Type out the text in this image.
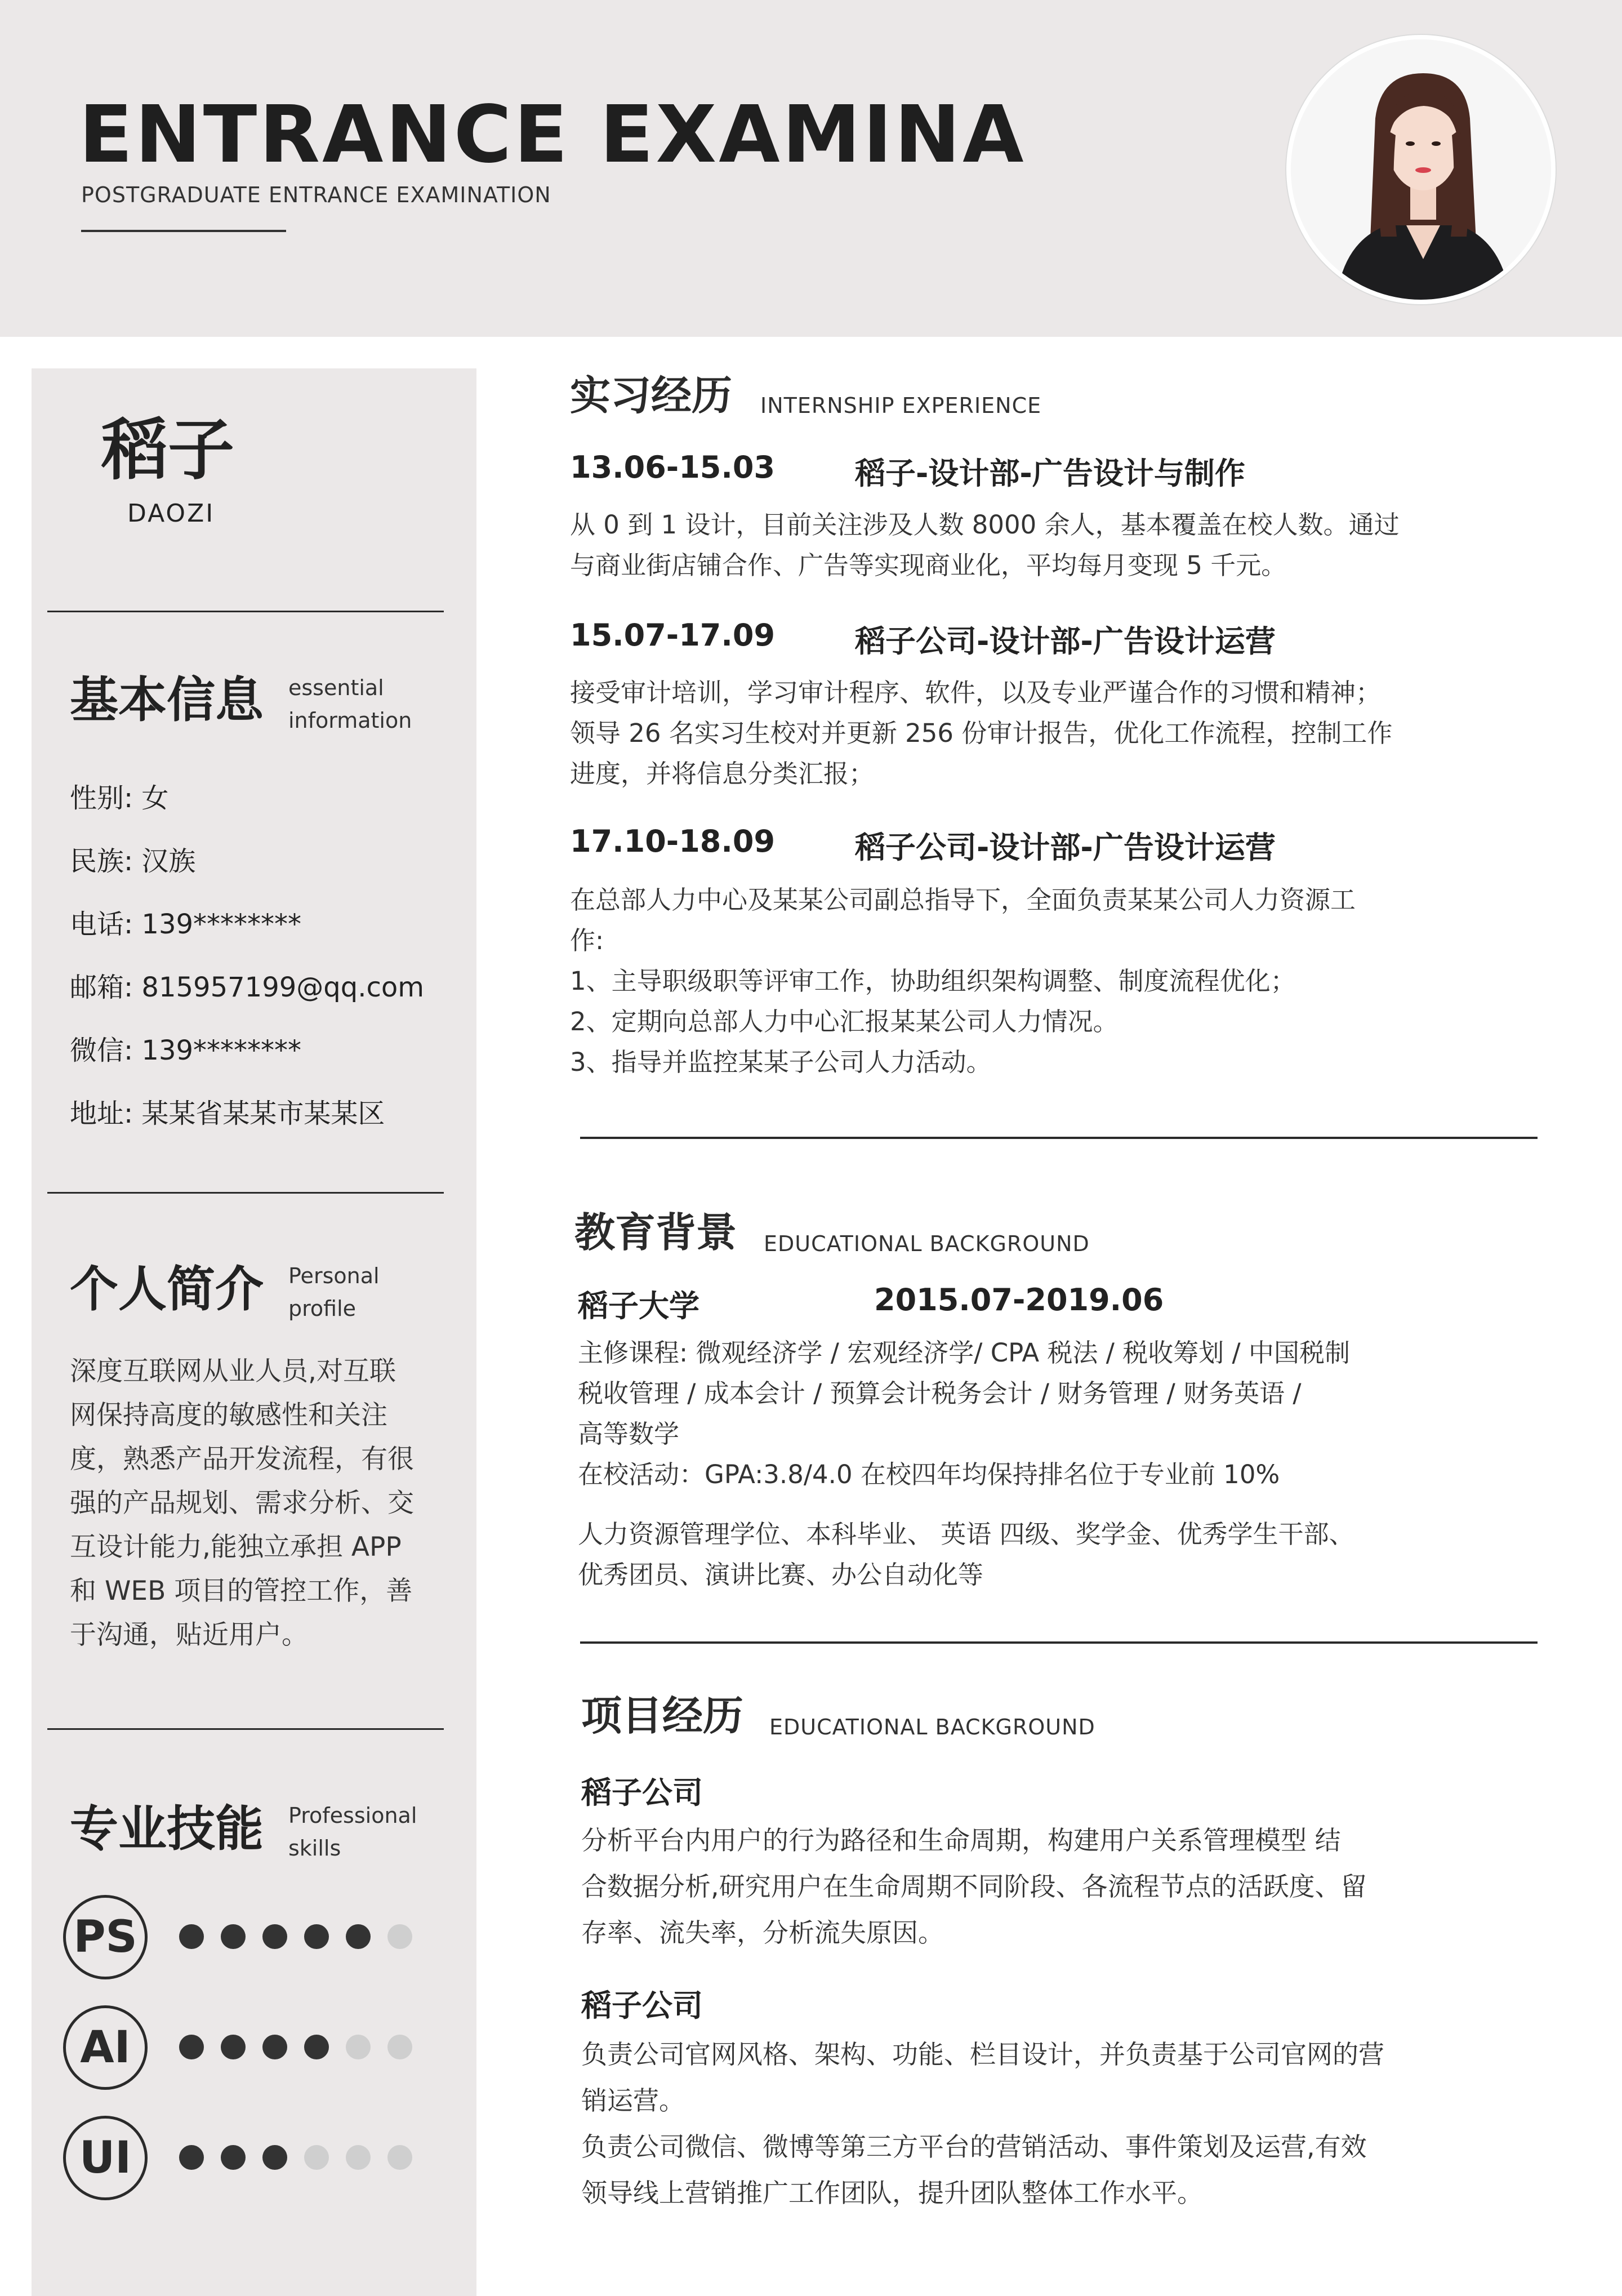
ENTRANCE EXAMINA
POSTGRADUATE ENTRANCE EXAMINATION
稻子
DAOZI
基本信息 essential
information
性别: 女
民族: 汉族
电话: 139********
邮箱: 815957199@qq.com
微信: 139********
地址: 某某省某某市某某区
个人简介 Personal
profile
深度互联网从业人员,对互联
网保持高度的敏感性和关注
度，熟悉产品开发流程，有很
强的产品规划、需求分析、交
互设计能力,能独立承担 APP
和 WEB 项目的管控工作，善
于沟通，贴近用户。
专业技能 Professional
skills
PS
AI
UI
实习经历 INTERNSHIP EXPERIENCE
13.06-15.03	稻子-设计部-广告设计与制作
从 0 到 1 设计，目前关注涉及人数 8000 余人，基本覆盖在校人数。通过
与商业街店铺合作、广告等实现商业化，平均每月变现 5 千元。
15.07-17.09	稻子公司-设计部-广告设计运营
接受审计培训，学习审计程序、软件，以及专业严谨合作的习惯和精神；
领导 26 名实习生校对并更新 256 份审计报告，优化工作流程，控制工作
进度，并将信息分类汇报；
17.10-18.09	稻子公司-设计部-广告设计运营
在总部人力中心及某某公司副总指导下，全面负责某某公司人力资源工
作:
1、主导职级职等评审工作，协助组织架构调整、制度流程优化；
2、定期向总部人力中心汇报某某公司人力情况。
3、指导并监控某某子公司人力活动。
教育背景 EDUCATIONAL BACKGROUND
稻子大学	2015.07-2019.06
主修课程: 微观经济学 / 宏观经济学/ CPA 税法 / 税收筹划 / 中国税制
税收管理 / 成本会计 / 预算会计税务会计 / 财务管理 / 财务英语 /
高等数学
在校活动：GPA:3.8/4.0 在校四年均保持排名位于专业前 10%
人力资源管理学位、本科毕业、 英语 四级、奖学金、优秀学生干部、
优秀团员、演讲比赛、办公自动化等
项目经历 EDUCATIONAL BACKGROUND
稻子公司
分析平台内用户的行为路径和生命周期，构建用户关系管理模型 结
合数据分析,研究用户在生命周期不同阶段、各流程节点的活跃度、留
存率、流失率，分析流失原因。
稻子公司
负责公司官网风格、架构、功能、栏目设计，并负责基于公司官网的营
销运营。
负责公司微信、微博等第三方平台的营销活动、事件策划及运营,有效
领导线上营销推广工作团队，提升团队整体工作水平。
